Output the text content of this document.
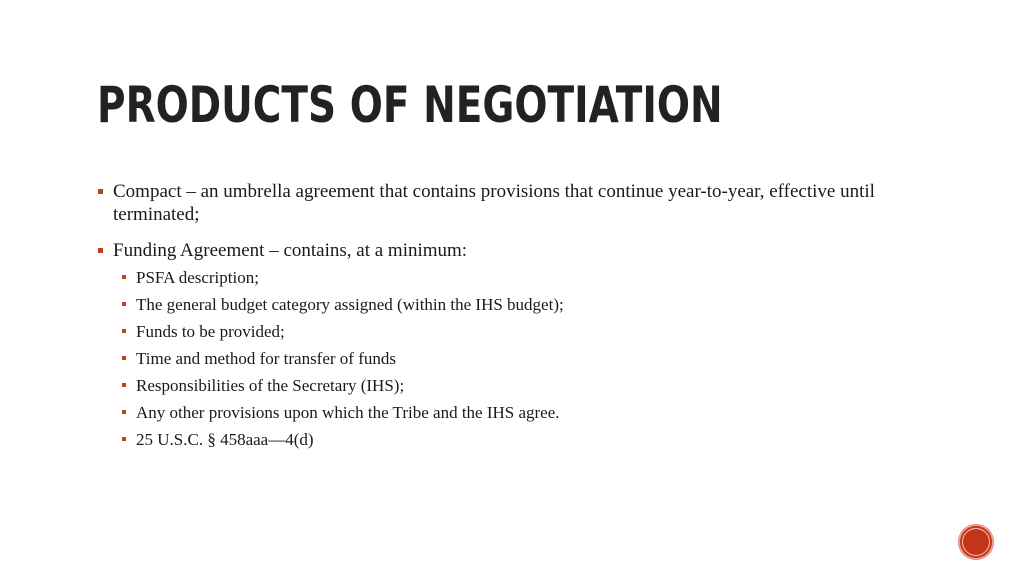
PRODUCTS OF NEGOTIATION
Compact – an umbrella agreement that contains provisions that continue year-to-year, effective until terminated;
Funding Agreement – contains, at a minimum:
PSFA description;
The general budget category assigned (within the IHS budget);
Funds to be provided;
Time and method for transfer of funds
Responsibilities of the Secretary (IHS);
Any other provisions upon which the Tribe and the IHS agree.
25 U.S.C. § 458aaa—4(d)
